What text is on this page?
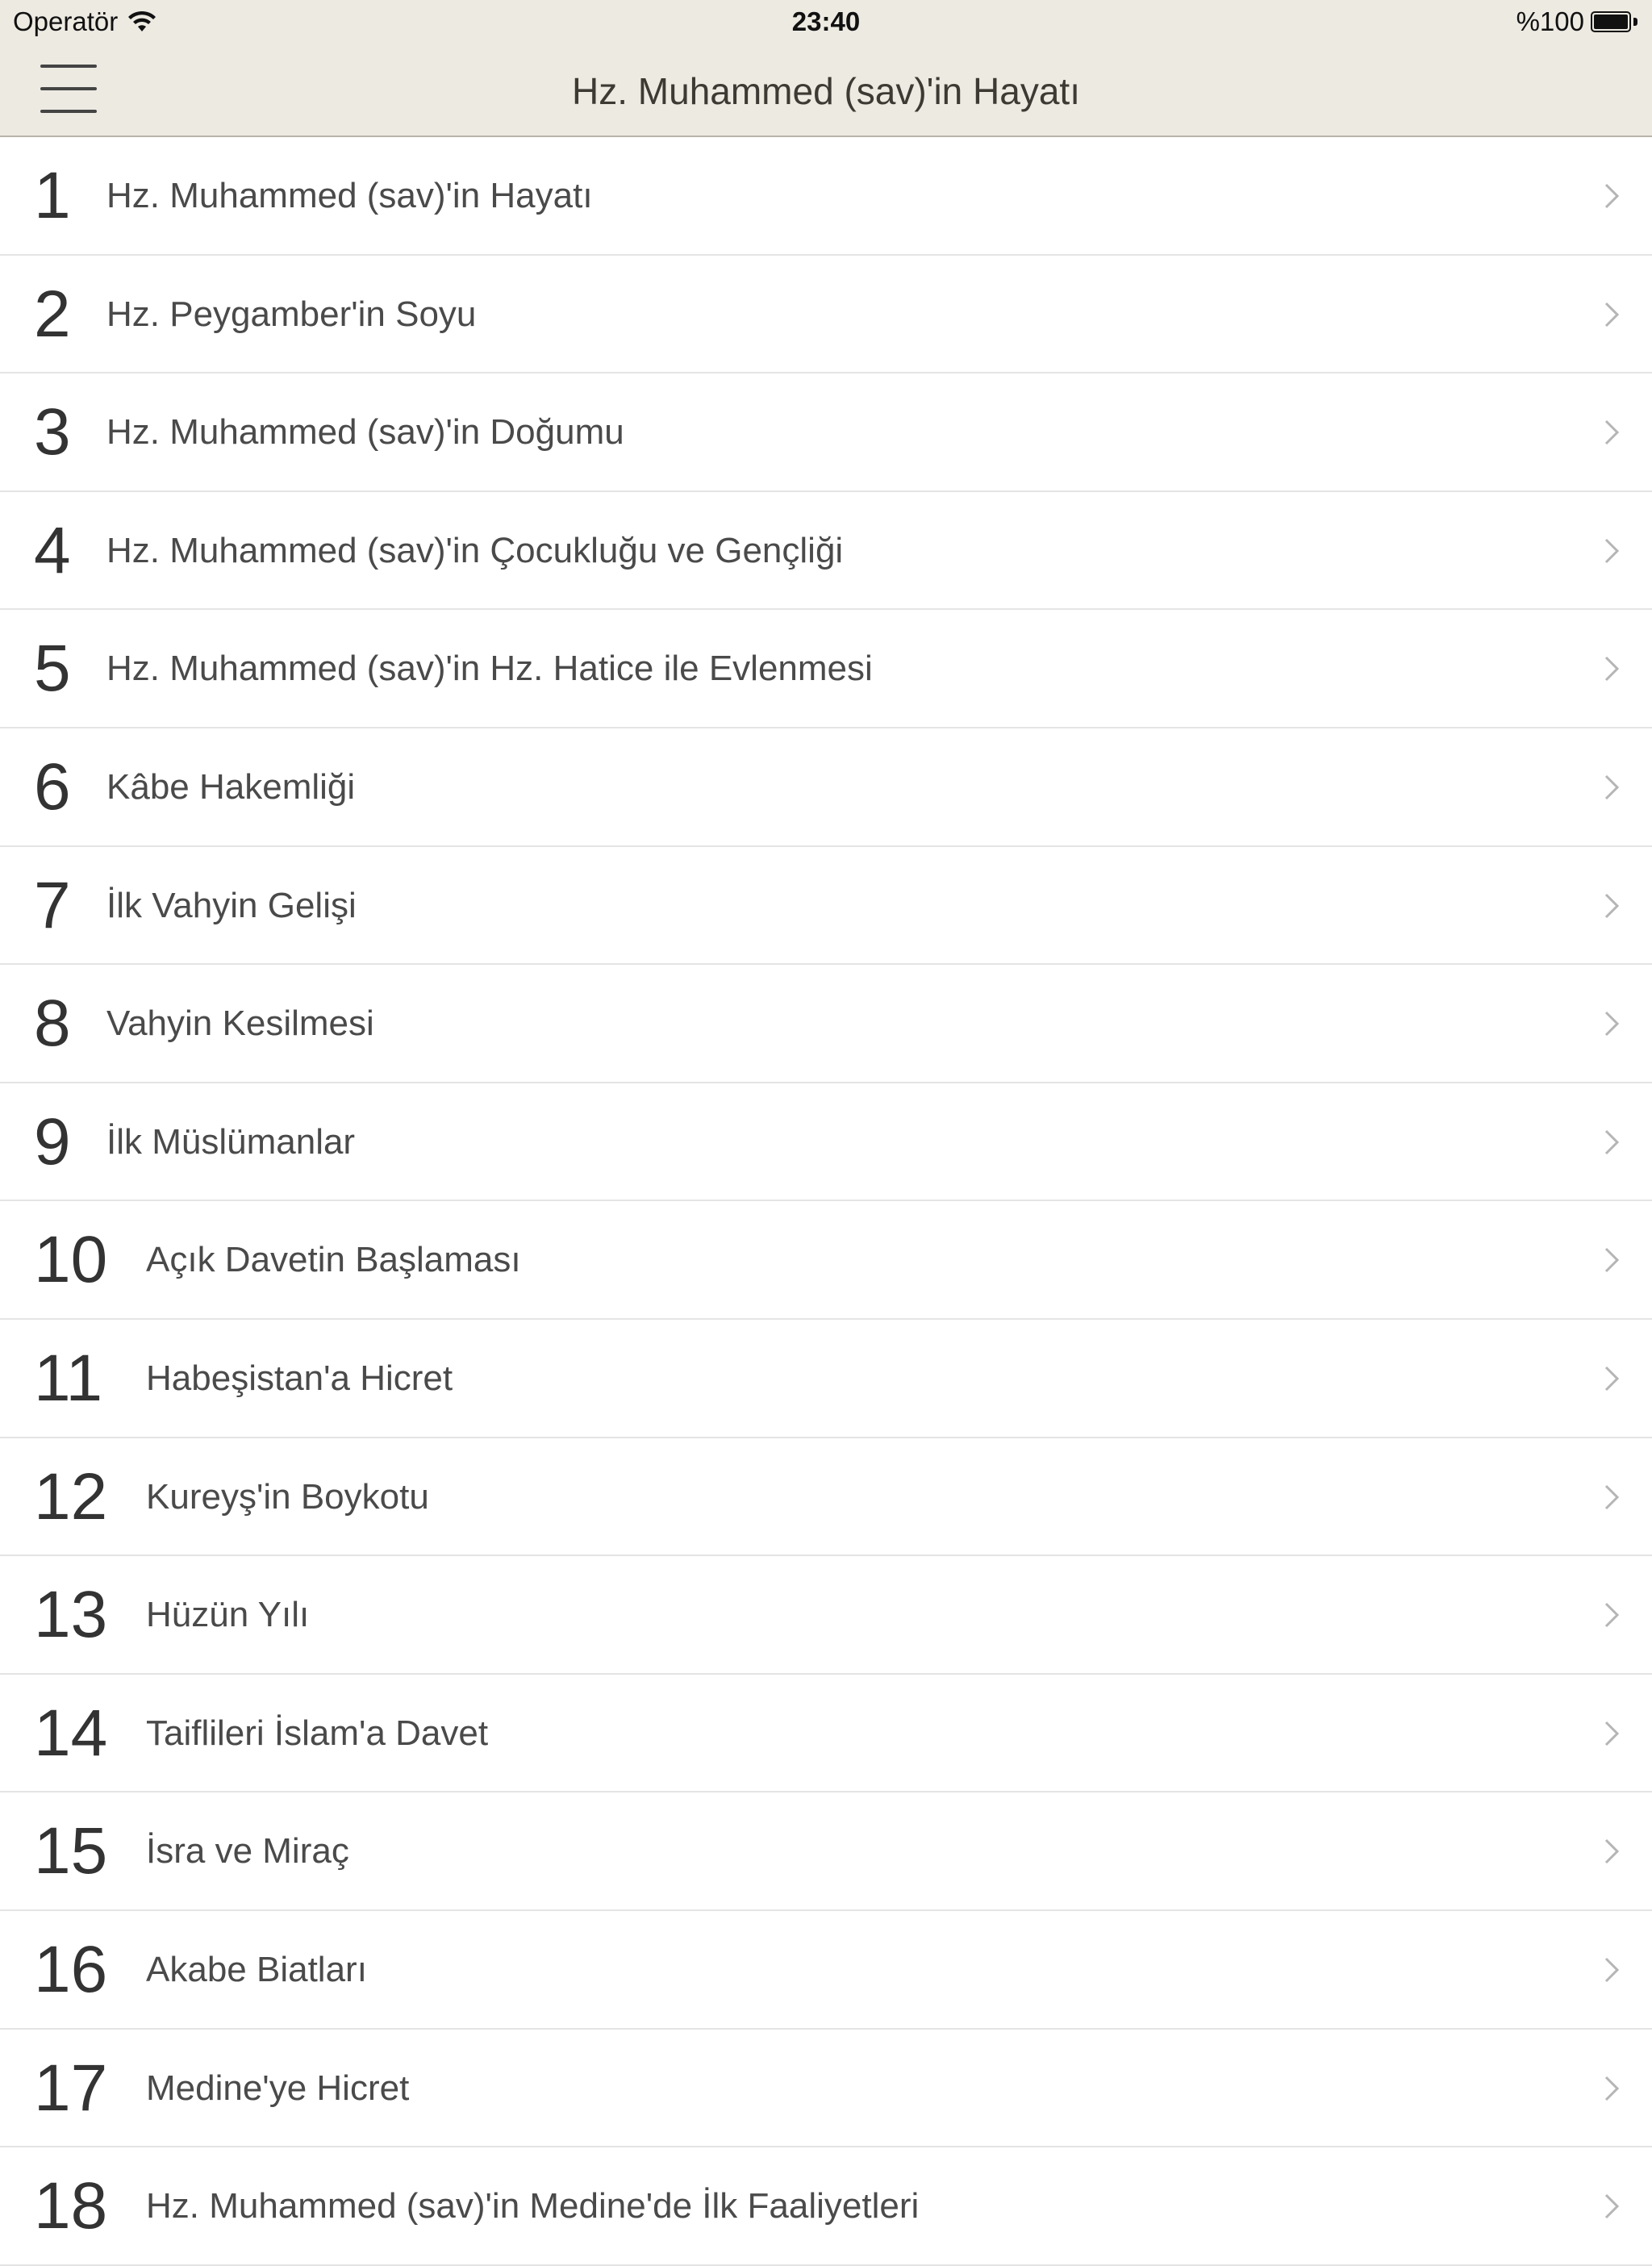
Operatör	23:40	%100
Hz. Muhammed (sav)'in Hayatı
1 Hz. Muhammed (sav)'in Hayatı
2 Hz. Peygamber'in Soyu
3 Hz. Muhammed (sav)'in Doğumu
4 Hz. Muhammed (sav)'in Çocukluğu ve Gençliği
5 Hz. Muhammed (sav)'in Hz. Hatice ile Evlenmesi
6 Kâbe Hakemliği
7 İlk Vahyin Gelişi
8 Vahyin Kesilmesi
9 İlk Müslümanlar
10 Açık Davetin Başlaması
11 Habeşistan'a Hicret
12 Kureyş'in Boykotu
13 Hüzün Yılı
14 Taiflileri İslam'a Davet
15 İsra ve Miraç
16 Akabe Biatları
17 Medine'ye Hicret
18 Hz. Muhammed (sav)'in Medine'de İlk Faaliyetleri
